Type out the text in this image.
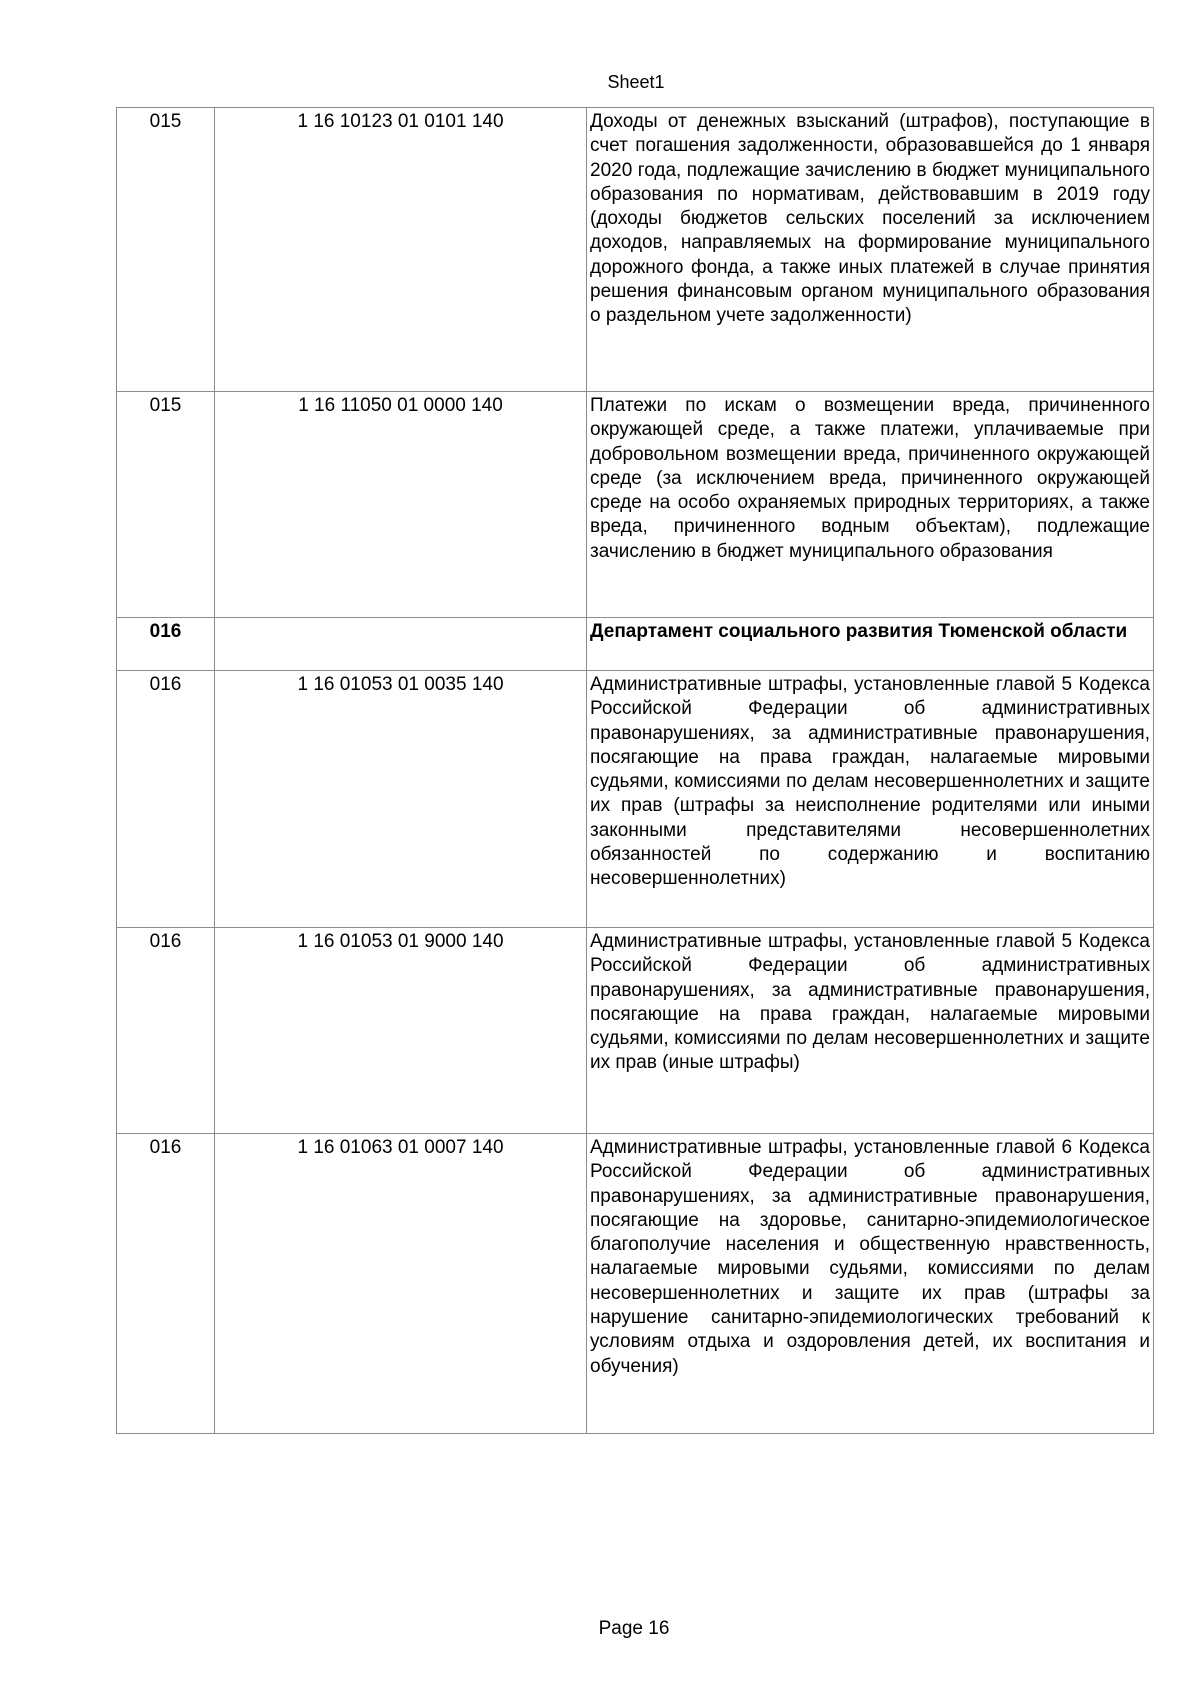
Sheet1
015	1 16 10123 01 0101 140	Доходы от денежных взысканий (штрафов), поступающие в счет погашения задолженности, образовавшейся до 1 января 2020 года, подлежащие зачислению в бюджет муниципального образования по нормативам, действовавшим в 2019 году (доходы бюджетов сельских поселений за исключением доходов, направляемых на формирование муниципального дорожного фонда, а также иных платежей в случае принятия решения финансовым органом муниципального образования о раздельном учете задолженности)
015	1 16 11050 01 0000 140	Платежи по искам о возмещении вреда, причиненного окружающей среде, а также платежи, уплачиваемые при добровольном возмещении вреда, причиненного окружающей среде (за исключением вреда, причиненного окружающей среде на особо охраняемых природных территориях, а также вреда, причиненного водным объектам), подлежащие зачислению в бюджет муниципального образования
016		Департамент социального развития Тюменской области
016	1 16 01053 01 0035 140	Административные штрафы, установленные главой 5 Кодекса Российской Федерации об административных правонарушениях, за административные правонарушения, посягающие на права граждан, налагаемые мировыми судьями, комиссиями по делам несовершеннолетних и защите их прав (штрафы за неисполнение родителями или иными законными представителями несовершеннолетних обязанностей по содержанию и воспитанию несовершеннолетних)
016	1 16 01053 01 9000 140	Административные штрафы, установленные главой 5 Кодекса Российской Федерации об административных правонарушениях, за административные правонарушения, посягающие на права граждан, налагаемые мировыми судьями, комиссиями по делам несовершеннолетних и защите их прав (иные штрафы)
016	1 16 01063 01 0007 140	Административные штрафы, установленные главой 6 Кодекса Российской Федерации об административных правонарушениях, за административные правонарушения, посягающие на здоровье, санитарно-эпидемиологическое благополучие населения и общественную нравственность, налагаемые мировыми судьями, комиссиями по делам несовершеннолетних и защите их прав (штрафы за нарушение санитарно-эпидемиологических требований к условиям отдыха и оздоровления детей, их воспитания и обучения)
Page 16
